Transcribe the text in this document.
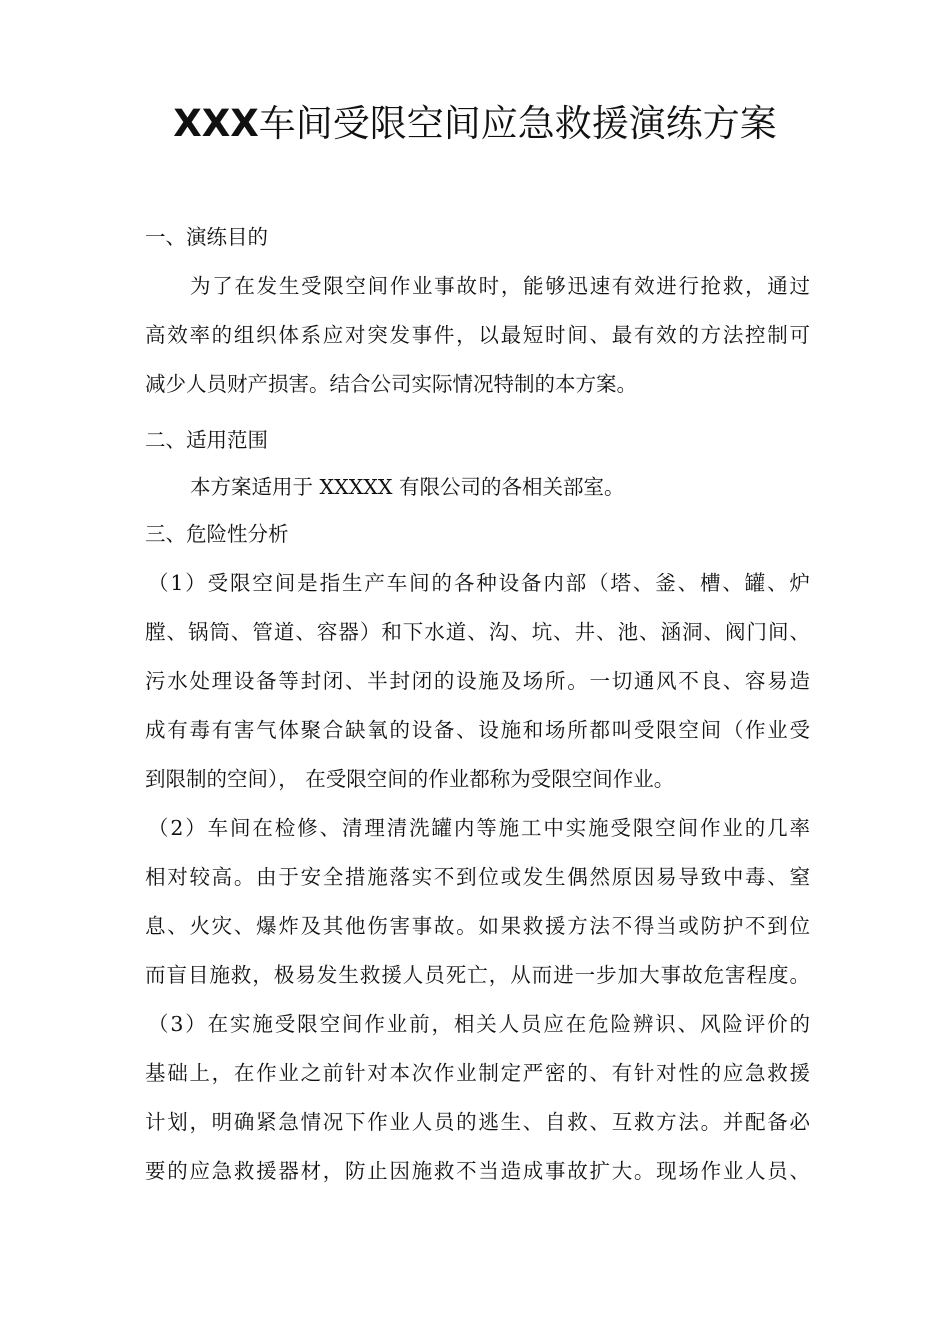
XXX车间受限空间应急救援演练方案
一、演练目的
为了在发生受限空间作业事故时，能够迅速有效进行抢救，通过
高效率的组织体系应对突发事件，以最短时间、最有效的方法控制可
减少人员财产损害。结合公司实际情况特制的本方案。
二、适用范围
本方案适用于 XXXXX 有限公司的各相关部室。
三、危险性分析
（1）受限空间是指生产车间的各种设备内部（塔、釜、槽、罐、炉
膛、锅筒、管道、容器）和下水道、沟、坑、井、池、涵洞、阀门间、
污水处理设备等封闭、半封闭的设施及场所。一切通风不良、容易造
成有毒有害气体聚合缺氧的设备、设施和场所都叫受限空间（作业受
到限制的空间）， 在受限空间的作业都称为受限空间作业。
（2）车间在检修、清理清洗罐内等施工中实施受限空间作业的几率
相对较高。由于安全措施落实不到位或发生偶然原因易导致中毒、窒
息、火灾、爆炸及其他伤害事故。如果救援方法不得当或防护不到位
而盲目施救，极易发生救援人员死亡，从而进一步加大事故危害程度。
（3）在实施受限空间作业前，相关人员应在危险辨识、风险评价的
基础上，在作业之前针对本次作业制定严密的、有针对性的应急救援
计划，明确紧急情况下作业人员的逃生、自救、互救方法。并配备必
要的应急救援器材，防止因施救不当造成事故扩大。现场作业人员、
